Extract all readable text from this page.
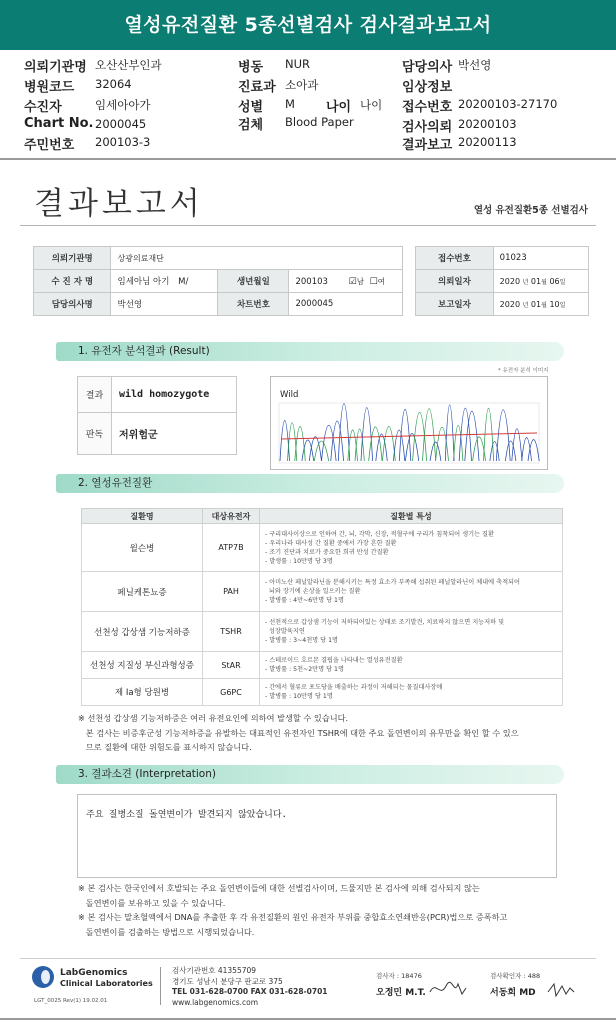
열성유전질환 5종선별검사 검사결과보고서
의뢰기관명 오산산부인과	병동 NUR	담당의사 박선영
병원코드 32064	진료과 소아과	임상정보
수진자	임세아아가	성별 M 나이 나이 접수번호 20200103-27170
Chart No. 2000045	검체 Blood Paper	검사의뢰 20200103
주민번호 200103-3	결과보고 20200113
결과보고서	열성 유전질환5종 선별검사
의뢰기관명	상광의료재단				접수번호	01023
수 진 자 명	임세아님 아기 M/	생년월일	200103 ☑남 ☐여		의뢰일자	2020 년 01월 06일
담당의사명	박선영	차트번호	2000045		보고일자	2020 년 01월 10일
1. 유전자 분석결과 (Result)
* 유전자 분석 이미지
결과	wild homozygote
판독	저위험군
Wild
2. 열성유전질환
질환명	대상유전자	질환별 특성
윌슨병	ATP7B	- 구리대사이상으로 인하여 간, 뇌, 각막, 신장, 적혈구에 구리가 침착되어 생기는 질환
- 우리나라 대사성 간 질환 중에서 가장 흔한 질환
- 조기 진단과 치료가 중요한 희귀 만성 간질환
- 발생률 : 10만명 당 3명

페닐케톤뇨증	PAH	- 아미노산 페닐알라닌을 분해시키는 특정 효소가 부족해 섭취된 페닐알라닌이 체내에 축적되어
뇌와 장기에 손상을 일으키는 질환
- 발병률 : 4만~6만명 당 1명

선천성 갑상샘 기능저하증	TSHR	- 선천적으로 갑상샘 기능이 저하되어있는 상태로 조기발견, 치료하지 않으면 지능저하 및
성장발육지연
- 발병률 : 3~4천명 당 1명

선천성 지질성 부신과형성증	StAR	- 스테로이드 호르몬 결핍을 나타내는 열성유전질환
- 발병률 : 5천~2만명 당 1명

제 Ia형 당원병	G6PC	- 간에서 혈류로 포도당을 배출하는 과정이 저해되는 물질대사장애
- 발병률 : 10만명 당 1명
※ 선천성 갑상샘 기능저하증은 여러 유전요인에 의하여 발생할 수 있습니다.
본 검사는 비증후군성 기능저하증을 유발하는 대표적인 유전자인 TSHR에 대한 주요 돌연변이의 유무만을 확인 할 수 있으
므로 질환에 대한 위험도를 표시하지 않습니다.
3. 결과소견 (Interpretation)
주요 질병소질 돌연변이가 발견되지 않았습니다.
※ 본 검사는 한국인에서 호발되는 주요 돌연변이들에 대한 선별검사이며, 드물지만 본 검사에 의해 검사되지 않는
돌연변이를 보유하고 있을 수 있습니다.
※ 본 검사는 말초혈액에서 DNA를 추출한 후 각 유전질환의 원인 유전자 부위를 중합효소연쇄반응(PCR)법으로 증폭하고
돌연변이를 검출하는 방법으로 시행되었습니다.
LabGenomics
Clinical Laboratories
LGT_0025 Rev(1) 19.02.01
검사기관번호 41355709
경기도 성남시 분당구 판교로 375
TEL 031-628-0700 FAX 031-628-0701
www.labgenomics.com
검사자 : 18476
오정민 M.T.
검사확인자 : 488
서동희 MD
